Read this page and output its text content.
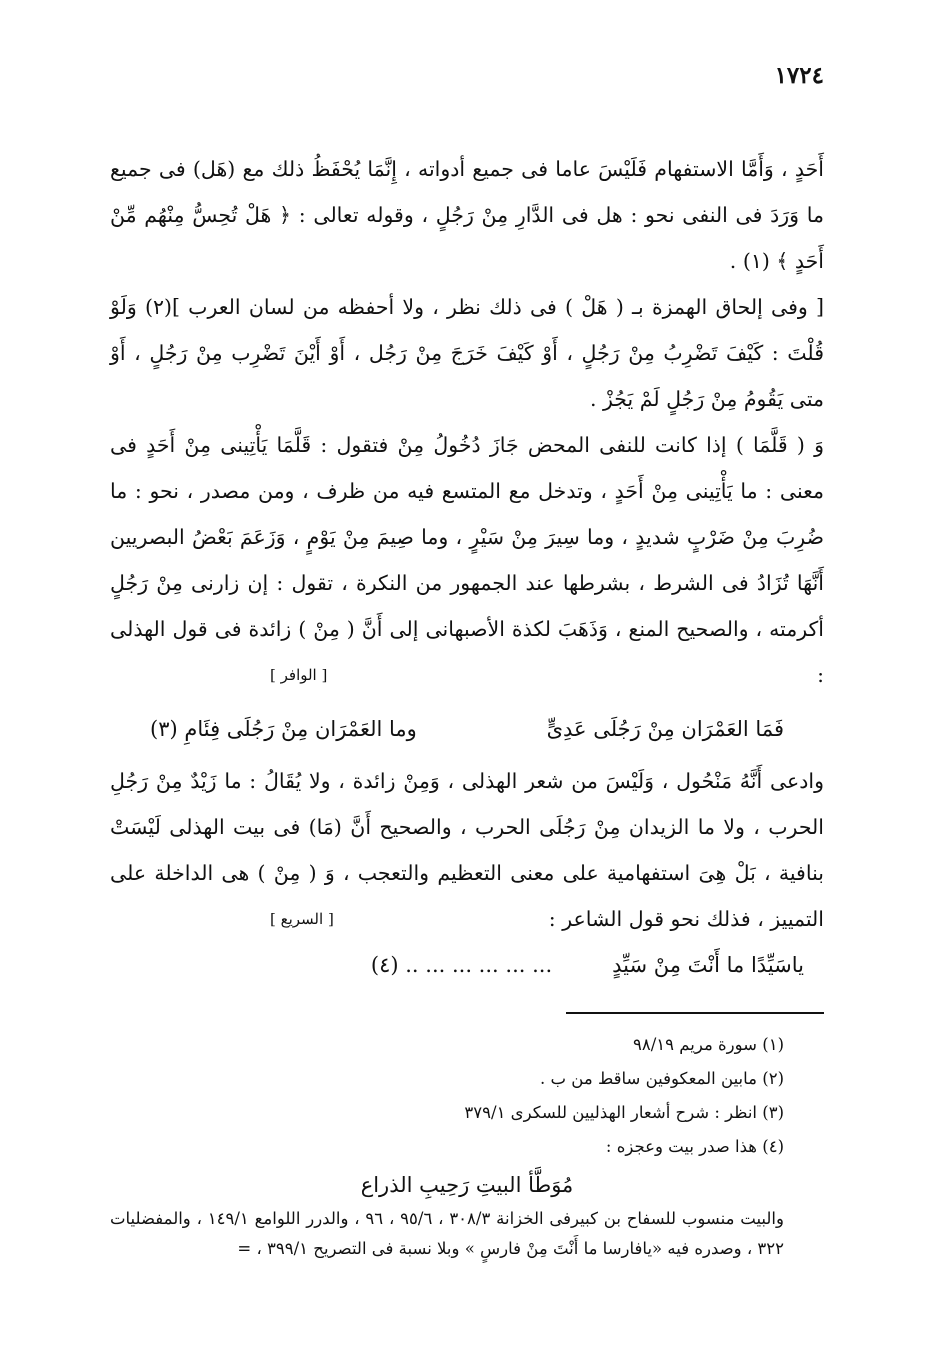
١٧٢٤

أَحَدٍ ، وَأَمَّا الاستفهام فَلَيْسَ عاما فى جميع أدواته ، إِنَّمَا يُحْفَظُ ذلك مع (هَل) فى جميع ما وَرَدَ فى النفى نحو : هل فى الدَّارِ مِنْ رَجُلٍ ، وقوله تعالى : ﴿ هَلْ تُحِسُّ مِنْهُم مِّنْ أَحَدٍ ﴾ (١) .

[ وفى إلحاق الهمزة بـ ( هَلْ ) فى ذلك نظر ، ولا أحفظه من لسان العرب ](٢) وَلَوْ قُلْتَ : كَيْفَ تَضْرِبُ مِنْ رَجُلٍ ، أَوْ كَيْفَ خَرَجَ مِنْ رَجُل ، أَوْ أَيْنَ تَضْرِب مِنْ رَجُلٍ ، أَوْ متى يَقُومُ مِنْ رَجُلٍ لَمْ يَجُزْ .

وَ ( قَلَّمَا ) إذا كانت للنفى المحض جَازَ دُخُولُ مِنْ فتقول : قَلَّمَا يَأْتِينى مِنْ أَحَدٍ فى معنى : ما يَأْتِينى مِنْ أَحَدٍ ، وتدخل مع المتسع فيه من ظرف ، ومن مصدر ، نحو : ما ضُرِبَ مِنْ ضَرْبٍ شديدٍ ، وما سِيرَ مِنْ سَيْرٍ ، وما صِيمَ مِنْ يَوْمٍ ، وَزَعَمَ بَعْضُ البصريين أَنَّهَا تُزَادُ فى الشرط ، بشرطها عند الجمهور من النكرة ، تقول : إن زارنى مِنْ رَجُلٍ أكرمته ، والصحيح المنع ، وَذَهَبَ لكذة الأصبهانى إلى أَنَّ ( مِنْ ) زائدة فى قول الهذلى :
[ الوافر ]

فَمَا العَمْرَان مِنْ رَجُلَى عَدِىٍّ
وما العَمْرَان مِنْ رَجُلَى فِئَامِ (٣)

وادعى أَنَّهُ مَنْحُول ، وَلَيْسَ من شعر الهذلى ، وَمِنْ زائدة ، ولا يُقَالُ : ما زَيْدٌ مِنْ رَجُلِ الحرب ، ولا ما الزيدان مِنْ رَجُلَى الحرب ، والصحيح أَنَّ (مَا) فى بيت الهذلى لَيْسَتْ بنافية ، بَلْ هِىَ استفهامية على معنى التعظيم والتعجب ، وَ ( مِنْ ) هى الداخلة على التمييز ، فذلك نحو قول الشاعر :
[ السريع ]

ياسَيِّدًا ما أَنْتَ مِنْ سَيِّدٍ
... ... ... ... ... .. (٤)

(١) سورة مريم ٩٨/١٩

(٢) مابين المعكوفين ساقط من ب .

(٣) انظر : شرح أشعار الهذليين للسكرى ٣٧٩/١

(٤) هذا صدر بيت وعجزه :

مُوَطَّأ البيتِ رَحِيبِ الذراع

والبيت منسوب للسفاح بن كبيرفى الخزانة ٣٠٨/٣ ، ٩٥/٦ ، ٩٦ ، والدرر اللوامع ١٤٩/١ ، والمفضليات ٣٢٢ ، وصدره فيه «يافارسا ما أَنْتَ مِنْ فارسٍ » وبلا نسبة فى التصريح ٣٩٩/١ ، =
